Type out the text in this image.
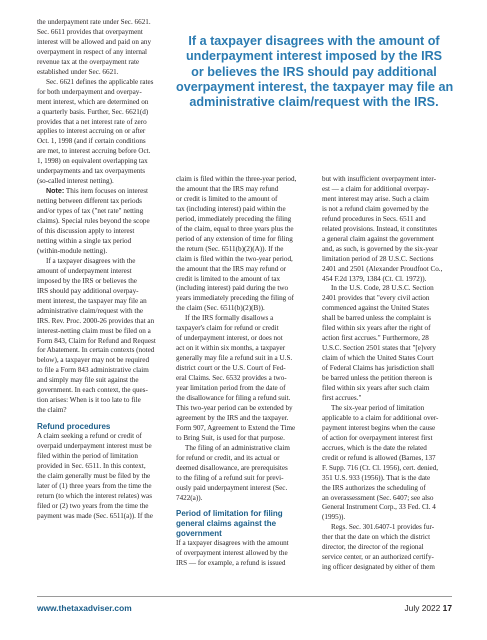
If a taxpayer disagrees with the amount of
underpayment interest imposed by the IRS
or believes the IRS should pay additional
overpayment interest, the taxpayer may file an
administrative claim/request with the IRS.

the underpayment rate under Sec. 6621.

Sec. 6611 provides that overpayment

interest will be allowed and paid on any

overpayment in respect of any internal

revenue tax at the overpayment rate

established under Sec. 6621.

Sec. 6621 defines the applicable rates

for both underpayment and overpay-

ment interest, which are determined on

a quarterly basis. Further, Sec. 6621(d)

provides that a net interest rate of zero

applies to interest accruing on or after

Oct. 1, 1998 (and if certain conditions

are met, to interest accruing before Oct.

1, 1998) on equivalent overlapping tax

underpayments and tax overpayments

(so-called interest netting).

Note: This item focuses on interest

netting between different tax periods

and/or types of tax ("net rate" netting

claims). Special rules beyond the scope

of this discussion apply to interest

netting within a single tax period

(within-module netting).

If a taxpayer disagrees with the

amount of underpayment interest

imposed by the IRS or believes the

IRS should pay additional overpay-

ment interest, the taxpayer may file an

administrative claim/request with the

IRS. Rev. Proc. 2000-26 provides that an

interest-netting claim must be filed on a

Form 843, Claim for Refund and Request

for Abatement. In certain contexts (noted

below), a taxpayer may not be required

to file a Form 843 administrative claim

and simply may file suit against the

government. In each context, the ques-

tion arises: When is it too late to file

the claim?

Refund procedures

A claim seeking a refund or credit of

overpaid underpayment interest must be

filed within the period of limitation

provided in Sec. 6511. In this context,

the claim generally must be filed by the

later of (1) three years from the time the

return (to which the interest relates) was

filed or (2) two years from the time the

payment was made (Sec. 6511(a)). If the

claim is filed within the three-year period,

the amount that the IRS may refund

or credit is limited to the amount of

tax (including interest) paid within the

period, immediately preceding the filing

of the claim, equal to three years plus the

period of any extension of time for filing

the return (Sec. 6511(b)(2)(A)). If the

claim is filed within the two-year period,

the amount that the IRS may refund or

credit is limited to the amount of tax

(including interest) paid during the two

years immediately preceding the filing of

the claim (Sec. 6511(b)(2)(B)).

If the IRS formally disallows a

taxpayer's claim for refund or credit

of underpayment interest, or does not

act on it within six months, a taxpayer

generally may file a refund suit in a U.S.

district court or the U.S. Court of Fed-

eral Claims. Sec. 6532 provides a two-

year limitation period from the date of

the disallowance for filing a refund suit.

This two-year period can be extended by

agreement by the IRS and the taxpayer.

Form 907, Agreement to Extend the Time

to Bring Suit, is used for that purpose.

The filing of an administrative claim

for refund or credit, and its actual or

deemed disallowance, are prerequisites

to the filing of a refund suit for previ-

ously paid underpayment interest (Sec.

7422(a)).

Period of limitation for filing

general claims against the

government

If a taxpayer disagrees with the amount

of overpayment interest allowed by the

IRS — for example, a refund is issued

but with insufficient overpayment inter-

est — a claim for additional overpay-

ment interest may arise. Such a claim

is not a refund claim governed by the

refund procedures in Secs. 6511 and

related provisions. Instead, it constitutes

a general claim against the government

and, as such, is governed by the six-year

limitation period of 28 U.S.C. Sections

2401 and 2501 (Alexander Proudfoot Co.,

454 F.2d 1379, 1384 (Ct. Cl. 1972)).

In the U.S. Code, 28 U.S.C. Section

2401 provides that "every civil action

commenced against the United States

shall be barred unless the complaint is

filed within six years after the right of

action first accrues." Furthermore, 28

U.S.C. Section 2501 states that "[e]very

claim of which the United States Court

of Federal Claims has jurisdiction shall

be barred unless the petition thereon is

filed within six years after such claim

first accrues."

The six-year period of limitation

applicable to a claim for additional over-

payment interest begins when the cause

of action for overpayment interest first

accrues, which is the date the related

credit or refund is allowed (Barnes, 137

F. Supp. 716 (Ct. Cl. 1956), cert. denied,

351 U.S. 933 (1956)). That is the date

the IRS authorizes the scheduling of

an overassessment (Sec. 6407; see also

General Instrument Corp., 33 Fed. Cl. 4

(1995)).

Regs. Sec. 301.6407-1 provides fur-

ther that the date on which the district

director, the director of the regional

service center, or an authorized certify-

ing officer designated by either of them

www.thetaxadviser.com	July 2022 17
